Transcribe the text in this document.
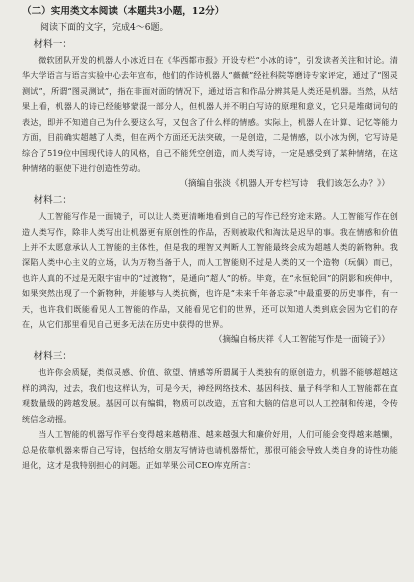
（二）实用类文本阅读（本题共3小题，12分）
阅读下面的文字，完成4～6题。
材料一：

微软团队开发的机器人小冰近日在《华西都市报》开设专栏“小冰的诗”，引发读者关注和讨论。清华大学语言与语言实验中心去年宣布，他们的作诗机器人“薇薇”经社科院等磨诗专家评定，通过了“图灵测试”，所谓“图灵测试”，指在非面对面的情况下，通过语言和作品分辨其是人类还是机器。当然，从结果上看，机器人的诗已经能够蒙混一部分人，但机器人并不明白写诗的原理和意义，它只是堆砌词句的表达，即并不知道自己为什么要这么写，又包含了什么样的情感。实际上，机器人在计算、记忆等能力方面，目前确实超越了人类，但在两个方面还无法突破，一是创造，二是情感，以小冰为例，它写诗是综合了519位中国现代诗人的风格，自己不能凭空创造，而人类写诗，一定是感受到了某种情绪，在这种情绪的驱使下进行创造性劳动。

（摘编自张淡《机器人开专栏写诗　我们该怎么办？》）

材料二：

人工智能写作是一面镜子，可以让人类更清晰地看到自己的写作已经穷途末路。人工智能写作在创造人类写作，除非人类写出让机器更有原创性的作品，否则被取代和淘汰是迟早的事。我在情感和价值上并不太愿意承认人工智能的主体性，但是我的理智又判断人工智能最终会成为超越人类的新物种。我深陷人类中心主义的立场，认为万物当备于人，而人工智能则不过是人类的又一个造物（玩偶）而已，也许人真的不过是无限宇宙中的“过渡物”，是通向“超人”的桥。毕竟，在“永恒轮回”的阴影和疾伸中，如果突然出现了一个新物种，并能够与人类抗衡，也许是“未来千年备忘录”中最重要的历史事件，有一天，也许我们既能看见人工智能的作品，又能看见它们的世界，还可以知道人类到底会因为它们的存在，从它们那里看见自己更多无法在历史中获得的世界。

（摘编自杨庆祥《人工智能写作是一面镜子》）

材料三：

也许你会质疑，类似灵感、价值、欲望、情感等所谓属于人类独有的原创造力，机器不能够超越这样的鸿沟，过去，我们也这样认为，可是今天，神经网络技术、基因科技、量子科学和人工智能都在直观数量级的跨越发展。基因可以有编辑，物质可以改造，五官和大脑的信息可以人工控制和传递，令传统信念动摇。

当人工智能的机器写作平台变得越来越精准、越来越强大和廉价好用，人们可能会变得越来越懒，总是依靠机器来帮自己写诗，包括给女朋友写情诗也请机器帮忙，那很可能会导致人类自身的诗性功能退化，这才是我特别担心的问题。正如苹果公司CEO库克所言：
